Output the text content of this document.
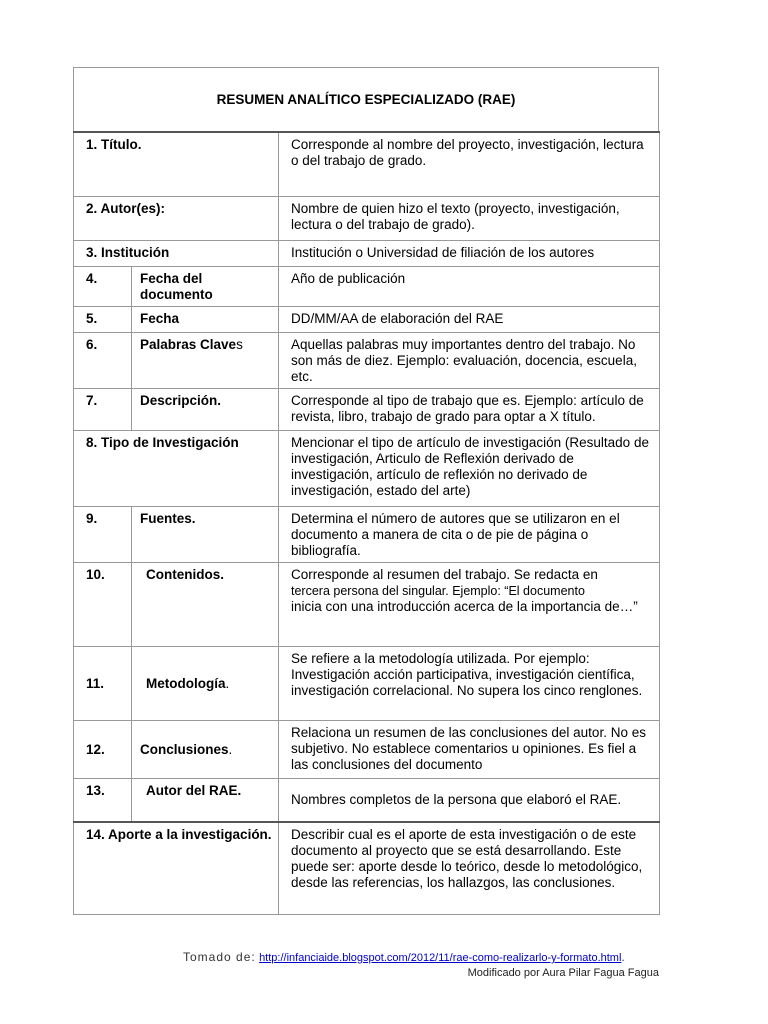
RESUMEN ANALÍTICO ESPECIALIZADO (RAE)
1. Título.		Corresponde al nombre del proyecto, investigación, lectura o del trabajo de grado.
2. Autor(es):		Nombre de quien hizo el texto (proyecto, investigación, lectura o del trabajo de grado).
3. Institución		Institución o Universidad de filiación de los autores
4.	Fecha del documento	Año de publicación
5.	Fecha	DD/MM/AA de elaboración del RAE
6.	Palabras Claves	Aquellas palabras muy importantes dentro del trabajo. No son más de diez. Ejemplo: evaluación, docencia, escuela, etc.
7.	Descripción.	Corresponde al tipo de trabajo que es. Ejemplo: artículo de revista, libro, trabajo de grado para optar a X título.
8. Tipo de Investigación		Mencionar el tipo de artículo de investigación (Resultado de investigación, Articulo de Reflexión derivado de investigación, artículo de reflexión no derivado de investigación, estado del arte)
9.	Fuentes.	Determina el número de autores que se utilizaron en el documento a manera de cita o de pie de página o bibliografía.
10.	Contenidos.	Corresponde al resumen del trabajo. Se redacta en
tercera persona del singular. Ejemplo: “El documento
inicia con una introducción acerca de la importancia de…”

11.	Metodología.	Se refiere a la metodología utilizada. Por ejemplo: Investigación acción participativa, investigación científica, investigación correlacional. No supera los cinco renglones.
12.	Conclusiones.	Relaciona un resumen de las conclusiones del autor. No es subjetivo. No establece comentarios u opiniones. Es fiel a las conclusiones del documento
13.	Autor del RAE.	Nombres completos de la persona que elaboró el RAE.
14. Aporte a la investigación.		Describir cual es el aporte de esta investigación o de este documento al proyecto que se está desarrollando. Este puede ser: aporte desde lo teórico, desde lo metodológico, desde las referencias, los hallazgos, las conclusiones.
Tomado de: http://infanciaide.blogspot.com/2012/11/rae-como-realizarlo-y-formato.html.
Modificado por Aura Pilar Fagua Fagua
